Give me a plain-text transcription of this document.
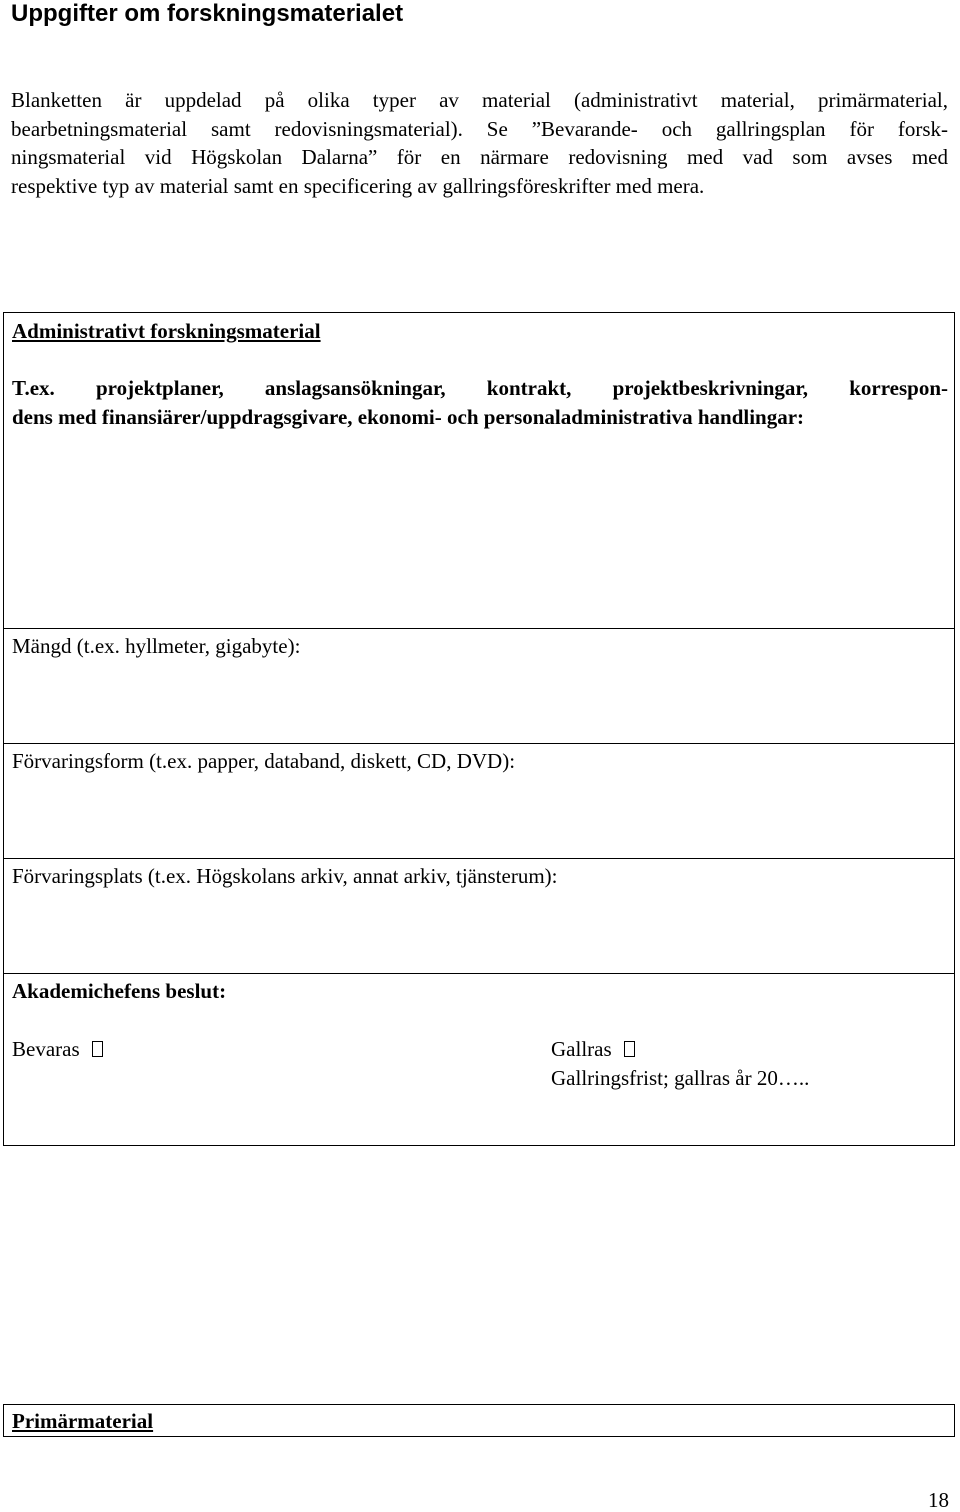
Uppgifter om forskningsmaterialet
Blanketten är uppdelad på olika typer av material (administrativt material, primärmaterial,
bearbetningsmaterial samt redovisningsmaterial). Se ”Bevarande- och gallringsplan för forsk-
ningsmaterial vid Högskolan Dalarna” för en närmare redovisning med vad som avses med
respektive typ av material samt en specificering av gallringsföreskrifter med mera.
Administrativt forskningsmaterial
T.ex. projektplaner, anslagsansökningar, kontrakt, projektbeskrivningar, korrespon-
dens med finansiärer/uppdragsgivare, ekonomi- och personaladministrativa handlingar:
Mängd (t.ex. hyllmeter, gigabyte):
Förvaringsform (t.ex. papper, databand, diskett, CD, DVD):
Förvaringsplats (t.ex. Högskolans arkiv, annat arkiv, tjänsterum):
Akademichefens beslut:
Bevaras	Gallras
Gallringsfrist; gallras år 20…..
Primärmaterial
18
